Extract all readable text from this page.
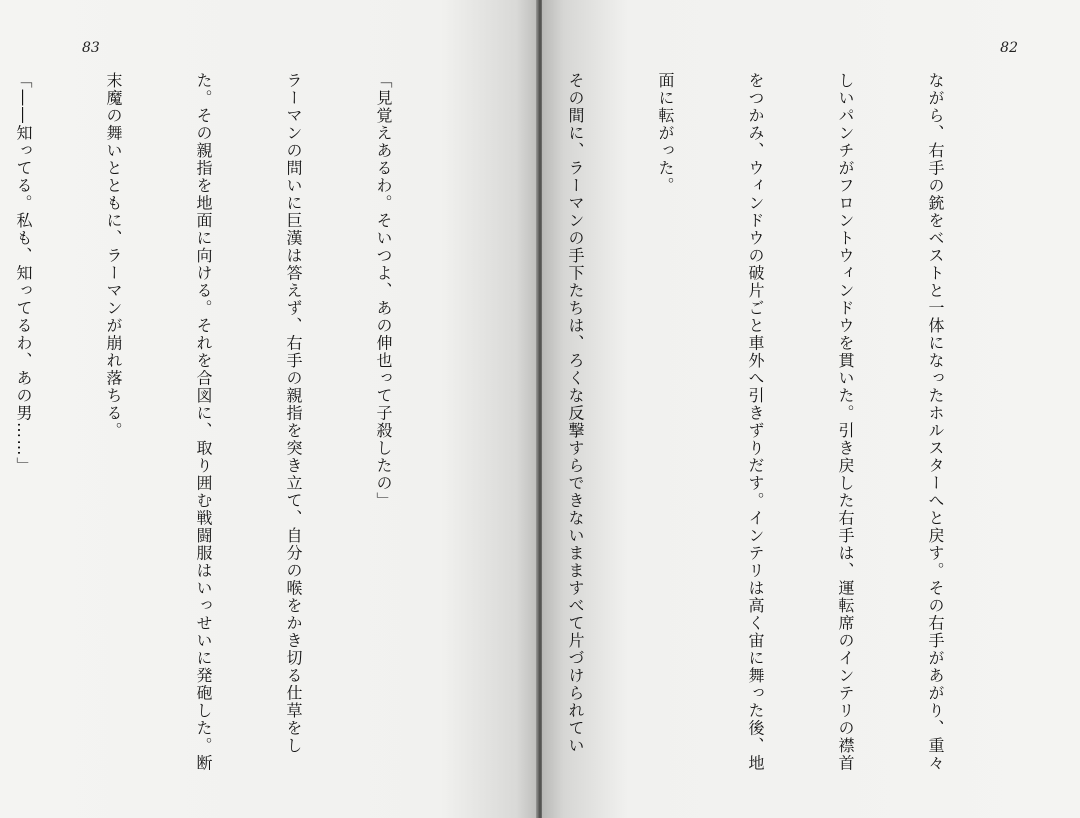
83

「見覚えあるわ。そいつよ、あの伸也って子殺したの」

ラーマンの問いに巨漢は答えず、右手の親指を突き立て、自分の喉をかき切る仕草をし

た。その親指を地面に向ける。それを合図に、取り囲む戦闘服はいっせいに発砲した。断

末魔の舞いとともに、ラーマンが崩れ落ちる。

「――知ってる。私も、知ってるわ、あの男……」

82

ながら、右手の銃をベストと一体になったホルスターへと戻す。その右手があがり、重々

しいパンチがフロントウィンドウを貫いた。引き戻した右手は、運転席のインテリの襟首

をつかみ、ウィンドウの破片ごと車外へ引きずりだす。インテリは高く宙に舞った後、地

面に転がった。

その間に、ラーマンの手下たちは、ろくな反撃すらできないまますべて片づけられてい
